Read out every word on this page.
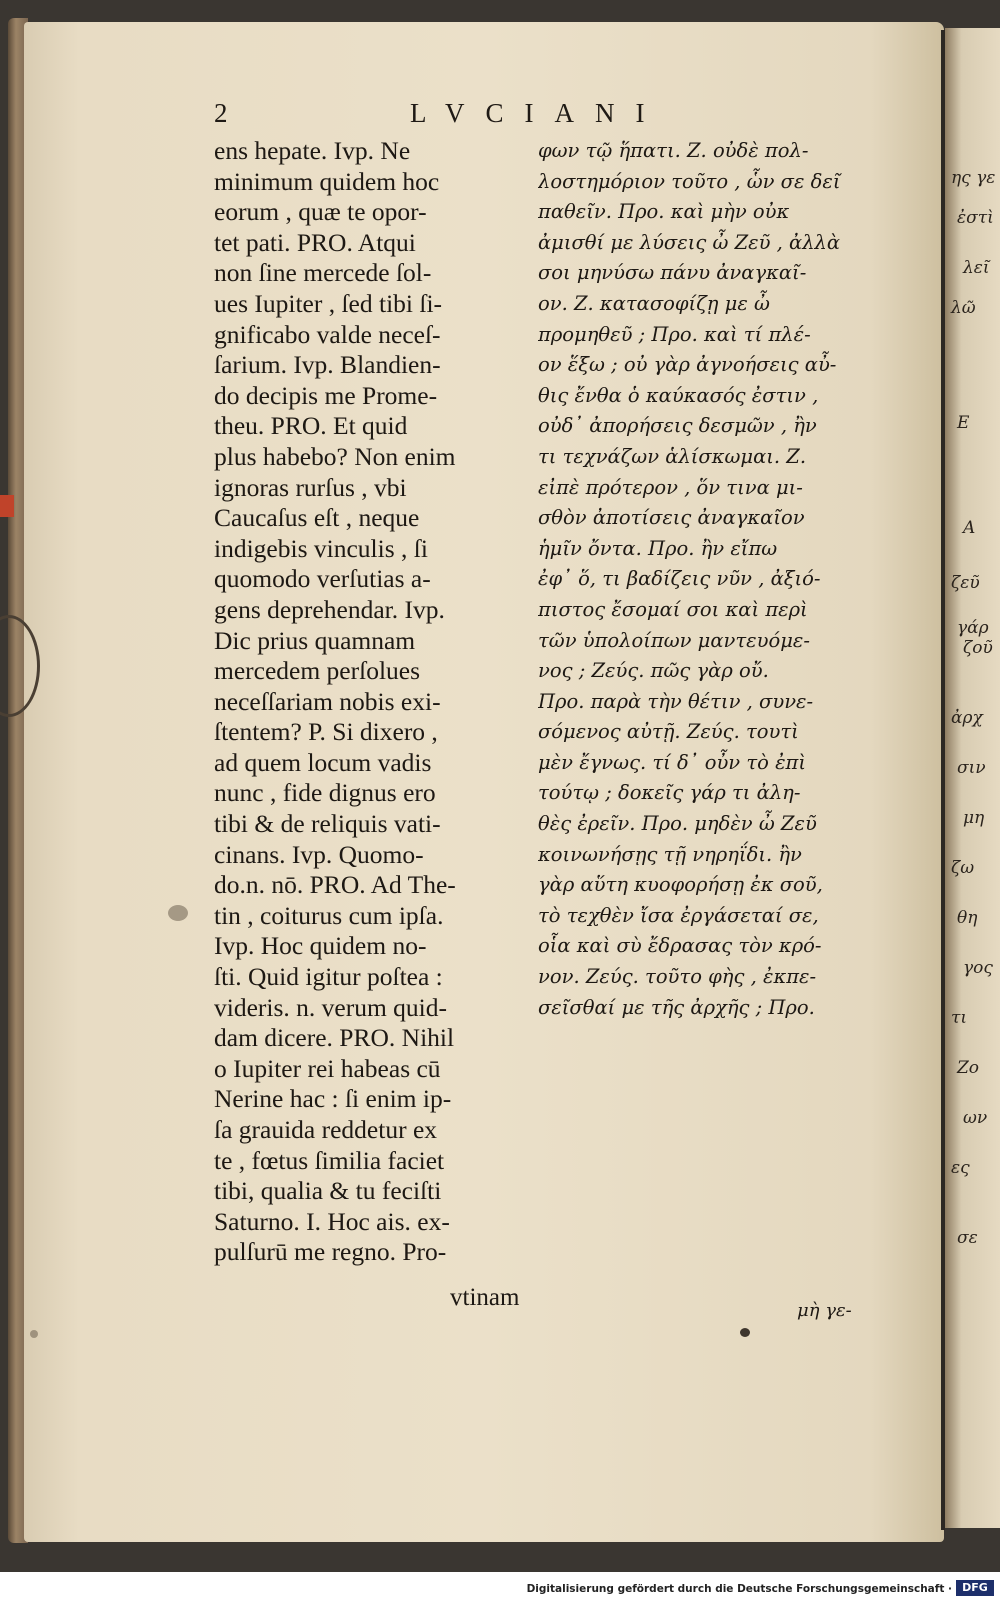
ης γε
ἐστὶ
λεῖ
λῶ
Ε
Α
ζεῦ
γάρ
ζοῦ
ἀρχ
σιν
μη
ζω
θη
γος
τι
Ζο
ων
ες
σε
2	LVCIANI
ens hepate. Ivp. Ne
minimum quidem hoc
eorum , quæ te opor-
tet pati. PRO. Atqui
non ſine mercede ſol-
ues Iupiter , ſed tibi ſi-
gnificabo valde neceſ-
ſarium. Ivp. Blandien-
do decipis me Prome-
theu. PRO. Et quid
plus habebo? Non enim
ignoras rurſus , vbi
Caucaſus eſt , neque
indigebis vinculis , ſi
quomodo verſutias a-
gens deprehendar. Ivp.
Dic prius quamnam
mercedem perſolues
neceſſariam nobis exi-
ſtentem? P. Si dixero ,
ad quem locum vadis
nunc , fide dignus ero
tibi & de reliquis vati-
cinans. Ivp. Quomo-
do.n. nō. PRO. Ad The-
tin , coiturus cum ipſa.
Ivp. Hoc quidem no-
ſti. Quid igitur poſtea :
videris. n. verum quid-
dam dicere. PRO. Nihil
o Iupiter rei habeas cū
Nerine hac : ſi enim ip-
ſa grauida reddetur ex
te , fœtus ſimilia faciet
tibi, qualia & tu feciſti
Saturno. I. Hoc ais. ex-
pulſurū me regno. Pro-
φων τῷ ἥπατι. Ζ. οὐδὲ πολ-
λοστημόριον τοῦτο , ὧν σε δεῖ
παθεῖν. Προ. καὶ μὴν οὐκ
ἀμισθί με λύσεις ὦ Ζεῦ , ἀλλὰ
σοι μηνύσω πάνυ ἀναγκαῖ-
ον. Ζ. κατασοφίζῃ με ὦ
προμηθεῦ ; Προ. καὶ τί πλέ-
ον ἕξω ; οὐ γὰρ ἀγνοήσεις αὖ-
θις ἔνθα ὁ καύκασός ἐστιν ,
οὐδ᾽ ἀπορήσεις δεσμῶν , ἢν
τι τεχνάζων ἁλίσκωμαι. Ζ.
εἰπὲ πρότερον , ὅν τινα μι-
σθὸν ἀποτίσεις ἀναγκαῖον
ἡμῖν ὄντα. Προ. ἢν εἴπω
ἐφ᾽ ὅ, τι βαδίζεις νῦν , ἀξιό-
πιστος ἔσομαί σοι καὶ περὶ
τῶν ὑπολοίπων μαντευόμε-
νος ; Ζεύς. πῶς γὰρ οὔ.
Προ. παρὰ τὴν θέτιν , συνε-
σόμενος αὐτῇ. Ζεύς. τουτὶ
μὲν ἔγνως. τί δ᾽ οὖν τὸ ἐπὶ
τούτῳ ; δοκεῖς γάρ τι ἀλη-
θὲς ἐρεῖν. Προ. μηδὲν ὦ Ζεῦ
κοινωνήσῃς τῇ νηρηΐδι. ἢν
γὰρ αὕτη κυοφορήσῃ ἐκ σοῦ,
τὸ τεχθὲν ἴσα ἐργάσεταί σε,
οἷα καὶ σὺ ἔδρασας τὸν κρό-
νον. Ζεύς. τοῦτο φὴς , ἐκπε-
σεῖσθαί με τῆς ἀρχῆς ; Προ.
vtinam	μὴ γε-
Digitalisierung gefördert durch die Deutsche Forschungsgemeinschaft · DFG
